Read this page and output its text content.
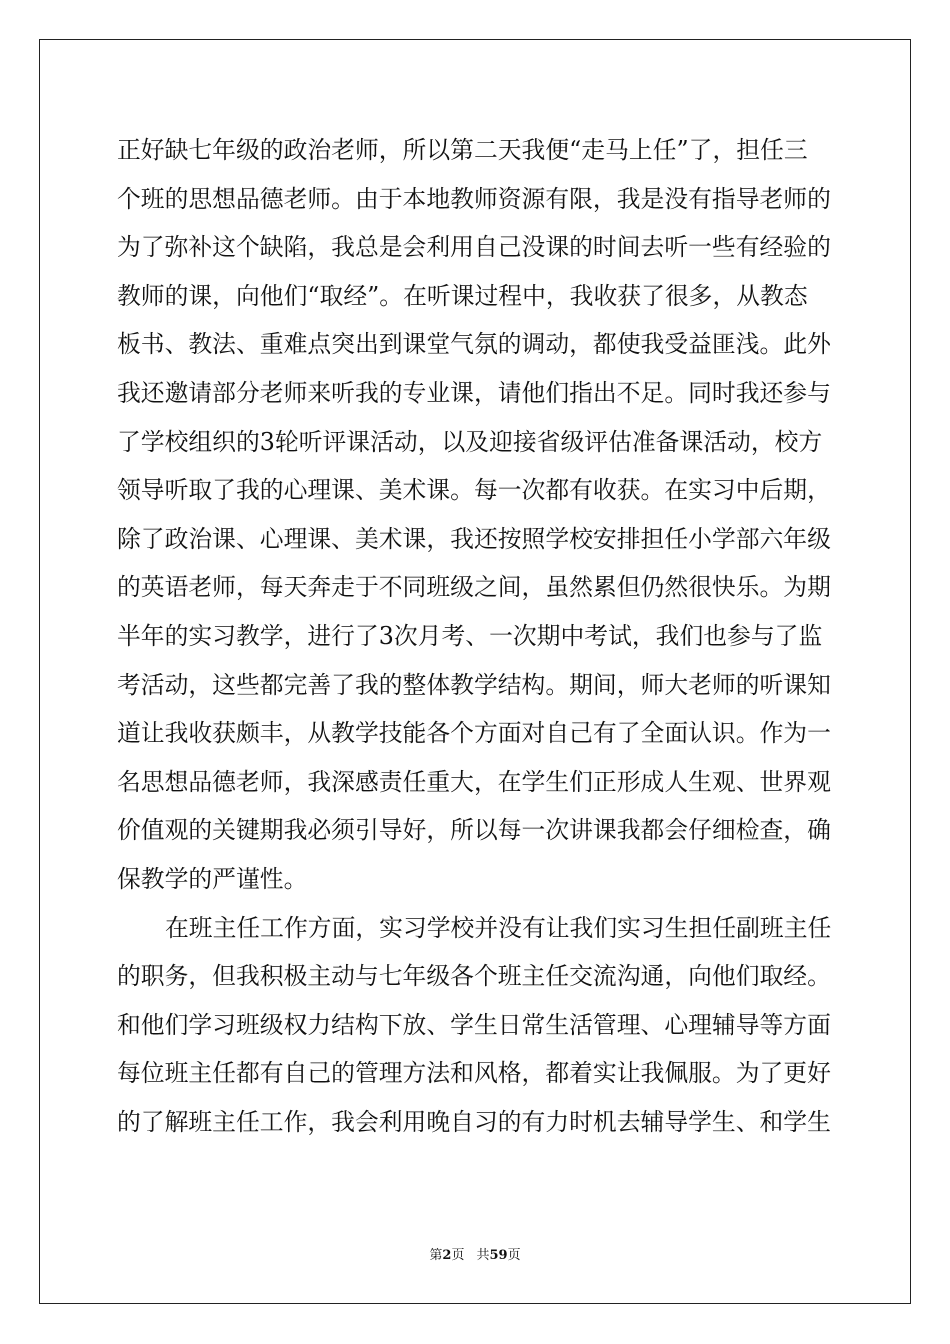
正好缺七年级的政治老师，所以第二天我便“走马上任”了，担任三
个班的思想品德老师。由于本地教师资源有限，我是没有指导老师的
为了弥补这个缺陷，我总是会利用自己没课的时间去听一些有经验的
教师的课，向他们“取经”。在听课过程中，我收获了很多，从教态
板书、教法、重难点突出到课堂气氛的调动，都使我受益匪浅。此外
我还邀请部分老师来听我的专业课，请他们指出不足。同时我还参与
了学校组织的3轮听评课活动，以及迎接省级评估准备课活动，校方
领导听取了我的心理课、美术课。每一次都有收获。在实习中后期，
除了政治课、心理课、美术课，我还按照学校安排担任小学部六年级
的英语老师，每天奔走于不同班级之间，虽然累但仍然很快乐。为期
半年的实习教学，进行了3次月考、一次期中考试，我们也参与了监
考活动，这些都完善了我的整体教学结构。期间，师大老师的听课知
道让我收获颇丰，从教学技能各个方面对自己有了全面认识。作为一
名思想品德老师，我深感责任重大，在学生们正形成人生观、世界观
价值观的关键期我必须引导好，所以每一次讲课我都会仔细检查，确
保教学的严谨性。
在班主任工作方面，实习学校并没有让我们实习生担任副班主任
的职务，但我积极主动与七年级各个班主任交流沟通，向他们取经。
和他们学习班级权力结构下放、学生日常生活管理、心理辅导等方面
每位班主任都有自己的管理方法和风格，都着实让我佩服。为了更好
的了解班主任工作，我会利用晚自习的有力时机去辅导学生、和学生
第2页 共59页
